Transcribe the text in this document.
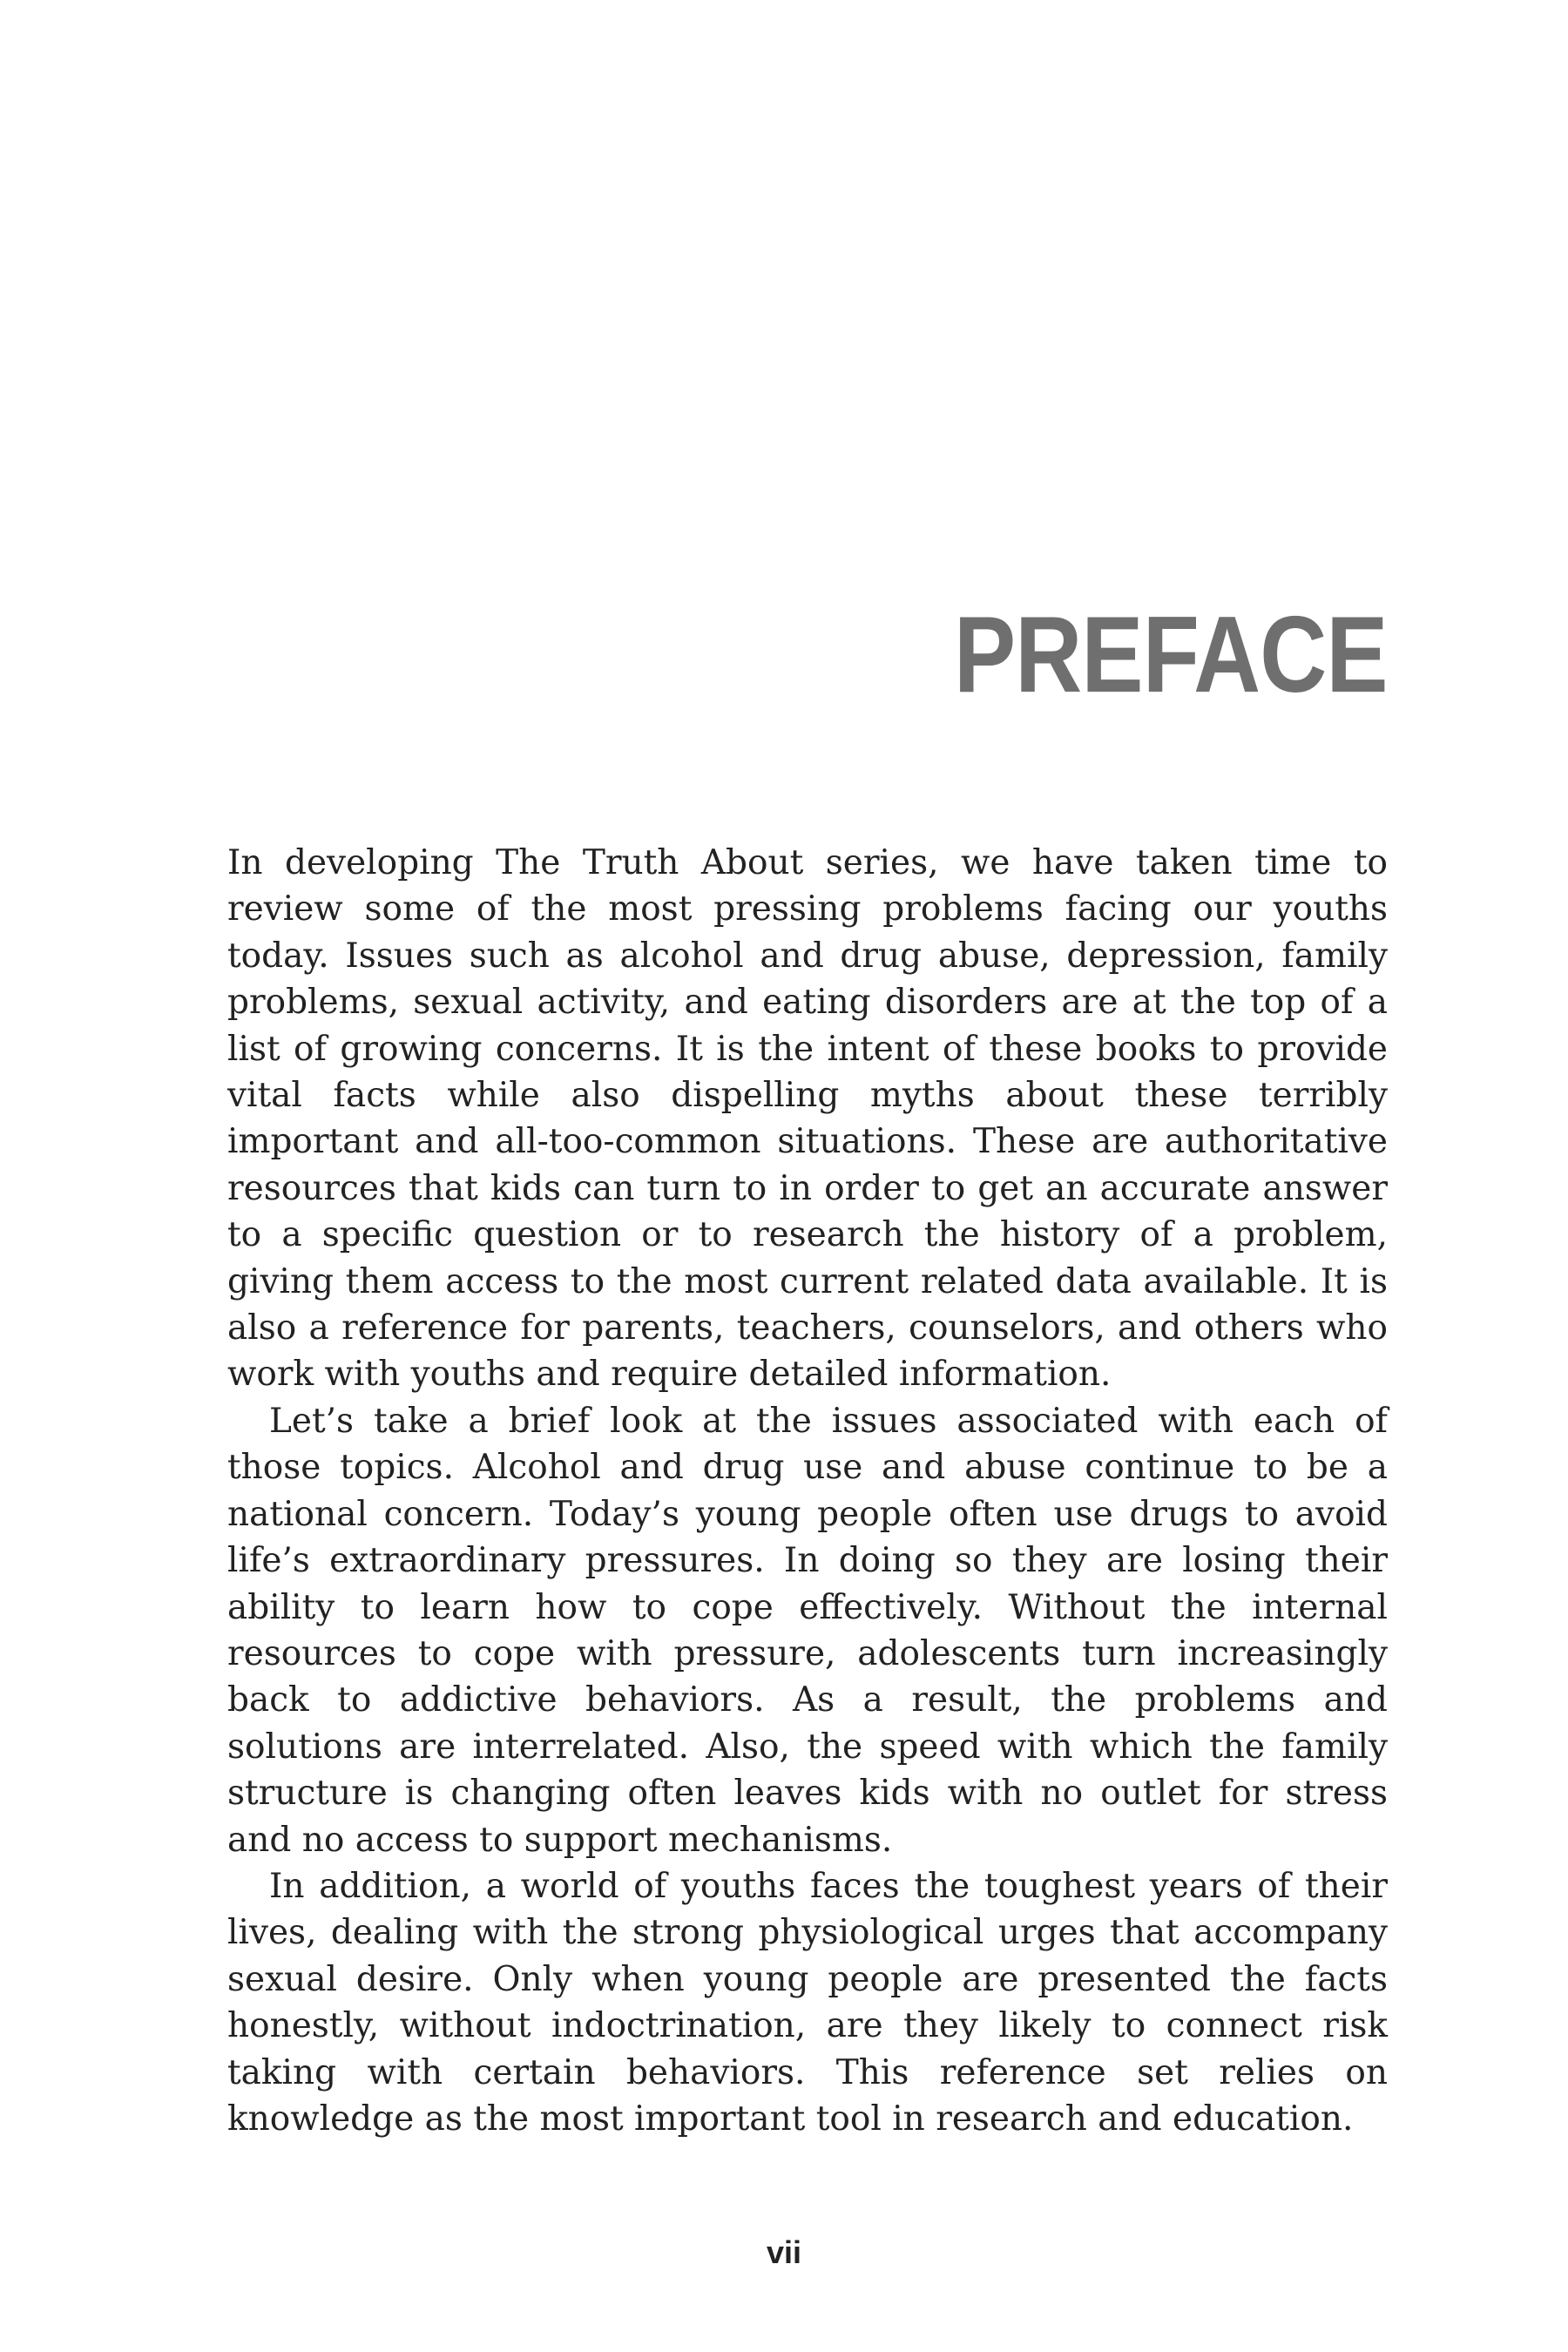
PREFACE

In developing The Truth About series, we have taken time to review some of the most pressing problems facing our youths today. Issues such as alcohol and drug abuse, depression, family problems, sexual activity, and eating disorders are at the top of a list of growing concerns. It is the intent of these books to provide vital facts while also dispelling myths about these terribly important and all-too-common situations. These are authoritative resources that kids can turn to in order to get an accurate answer to a specific question or to research the history of a problem, giving them access to the most current related data available. It is also a reference for parents, teachers, counselors, and others who work with youths and require detailed information.

Let’s take a brief look at the issues associated with each of those topics. Alcohol and drug use and abuse continue to be a national concern. Today’s young people often use drugs to avoid life’s extraordinary pressures. In doing so they are losing their ability to learn how to cope effectively. Without the internal resources to cope with pressure, adolescents turn increasingly back to addictive behaviors. As a result, the problems and solutions are interrelated. Also, the speed with which the family structure is changing often leaves kids with no outlet for stress and no access to support mechanisms.

In addition, a world of youths faces the toughest years of their lives, dealing with the strong physiological urges that accompany sexual desire. Only when young people are presented the facts honestly, without indoctrination, are they likely to connect risk taking with certain behaviors. This reference set relies on knowledge as the most important tool in research and education.

vii
